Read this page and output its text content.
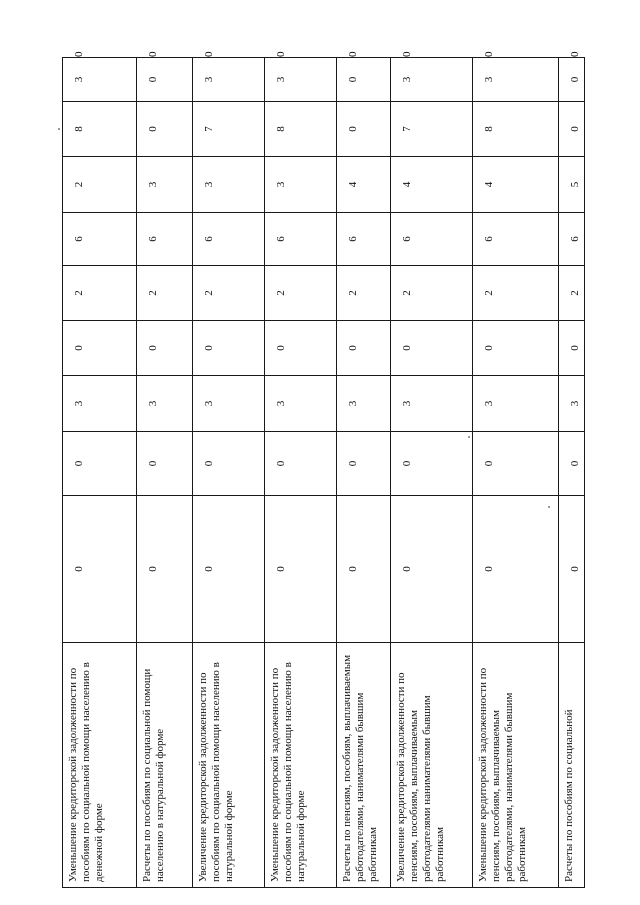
Уменьшение кредиторской задолженности по пособиям по социальной помощи населению в денежной форме	0	0	3	0	2	6	2	8	3	0
Расчеты по пособиям по социальной помощи населению в натуральной форме	0	0	3	0	2	6	3	0	0	0
Увеличение кредиторской задолженности по пособиям по социальной помощи населению в натуральной форме	0	0	3	0	2	6	3	7	3	0
Уменьшение кредиторской задолженности по пособиям по социальной помощи населению в натуральной форме	0	0	3	0	2	6	3	8	3	0
Расчеты по пенсиям, пособиям, выплачиваемым работодателями, нанимателями бывшим работникам	0	0	3	0	2	6	4	0	0	0
Увеличение кредиторской задолженности по пенсиям, пособиям, выплачиваемым работодателями нанимателями бывшим работникам	0	0	3	0	2	6	4	7	3	0
Уменьшение кредиторской задолженности по пенсиям, пособиям, выплачиваемым работодателями, нанимателями бывшим работникам	0	0	3	0	2	6	4	8	3	0
Расчеты по пособиям по социальной	0	0	3	0	2	6	5	0	0	0
